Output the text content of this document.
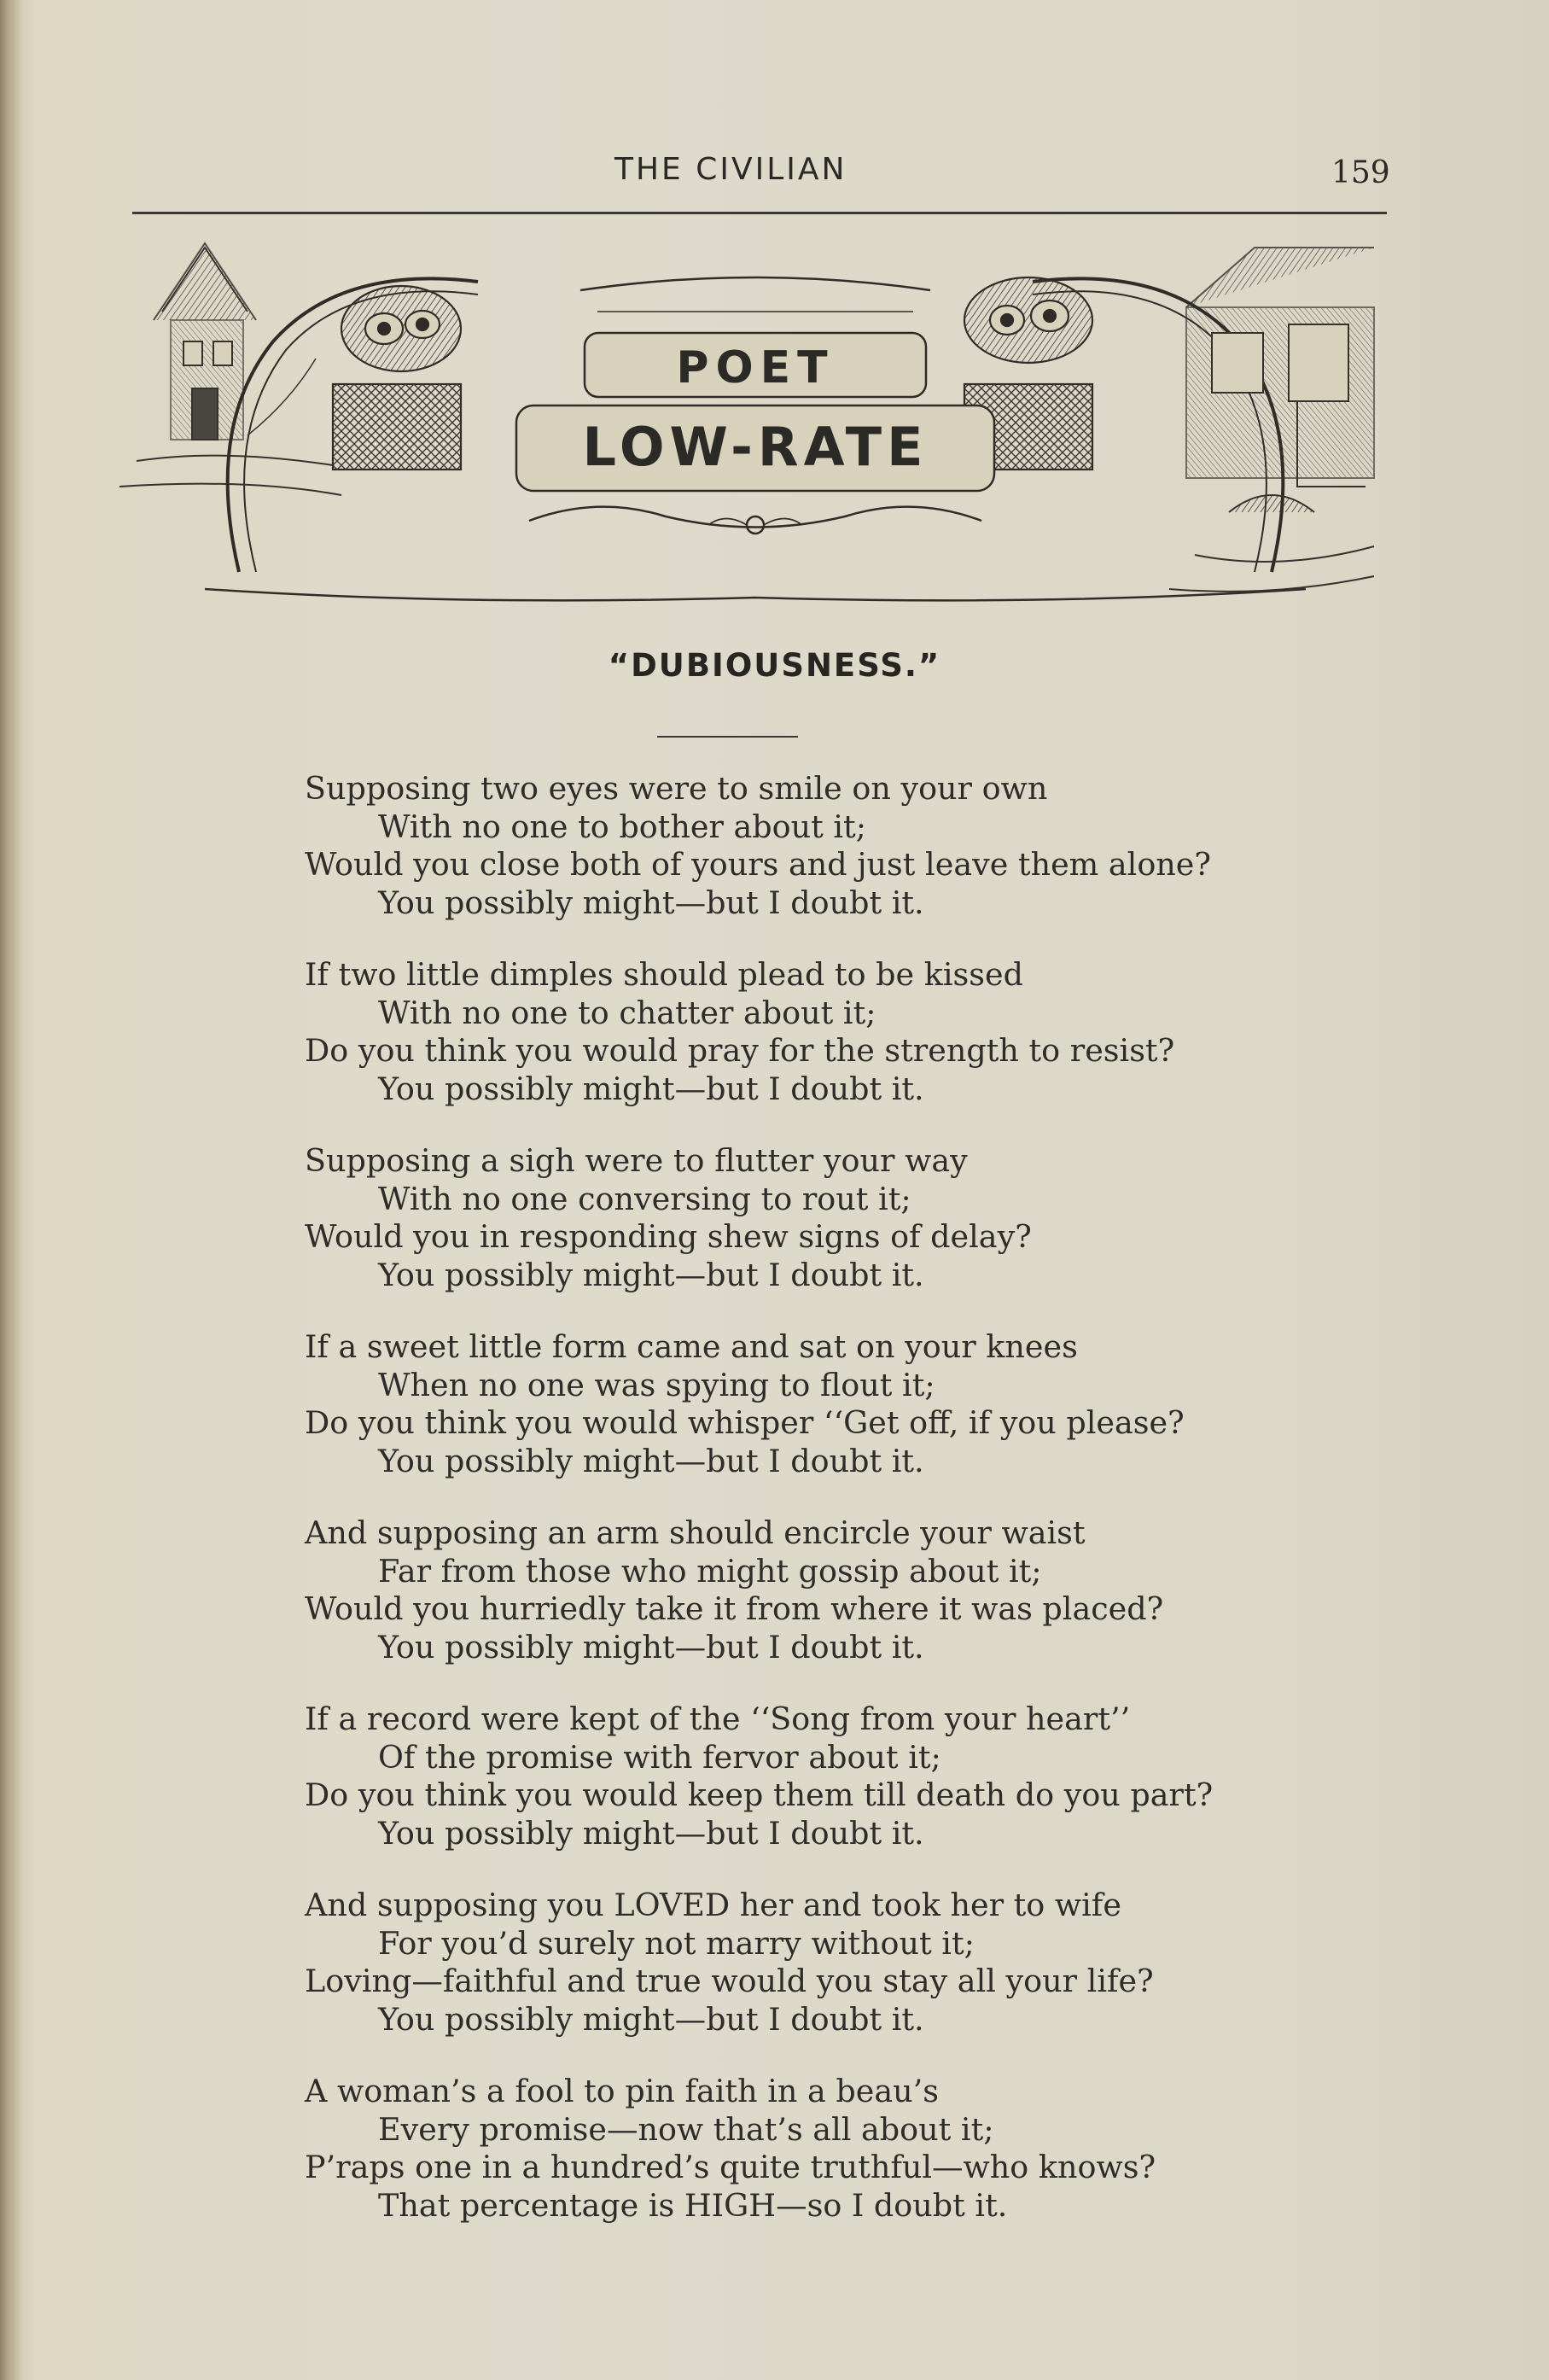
THE CIVILIAN	159
POET
LOW-RATE
“DUBIOUSNESS.”
Supposing two eyes were to smile on your own
With no one to bother about it;
Would you close both of yours and just leave them alone?
You possibly might—but I doubt it.
If two little dimples should plead to be kissed
With no one to chatter about it;
Do you think you would pray for the strength to resist?
You possibly might—but I doubt it.
Supposing a sigh were to flutter your way
With no one conversing to rout it;
Would you in responding shew signs of delay?
You possibly might—but I doubt it.
If a sweet little form came and sat on your knees
When no one was spying to flout it;
Do you think you would whisper ‘‘Get off, if you please?
You possibly might—but I doubt it.
And supposing an arm should encircle your waist
Far from those who might gossip about it;
Would you hurriedly take it from where it was placed?
You possibly might—but I doubt it.
If a record were kept of the ‘‘Song from your heart’’
Of the promise with fervor about it;
Do you think you would keep them till death do you part?
You possibly might—but I doubt it.
And supposing you LOVED her and took her to wife
For you’d surely not marry without it;
Loving—faithful and true would you stay all your life?
You possibly might—but I doubt it.
A woman’s a fool to pin faith in a beau’s
Every promise—now that’s all about it;
P’raps one in a hundred’s quite truthful—who knows?
That percentage is HIGH—so I doubt it.
